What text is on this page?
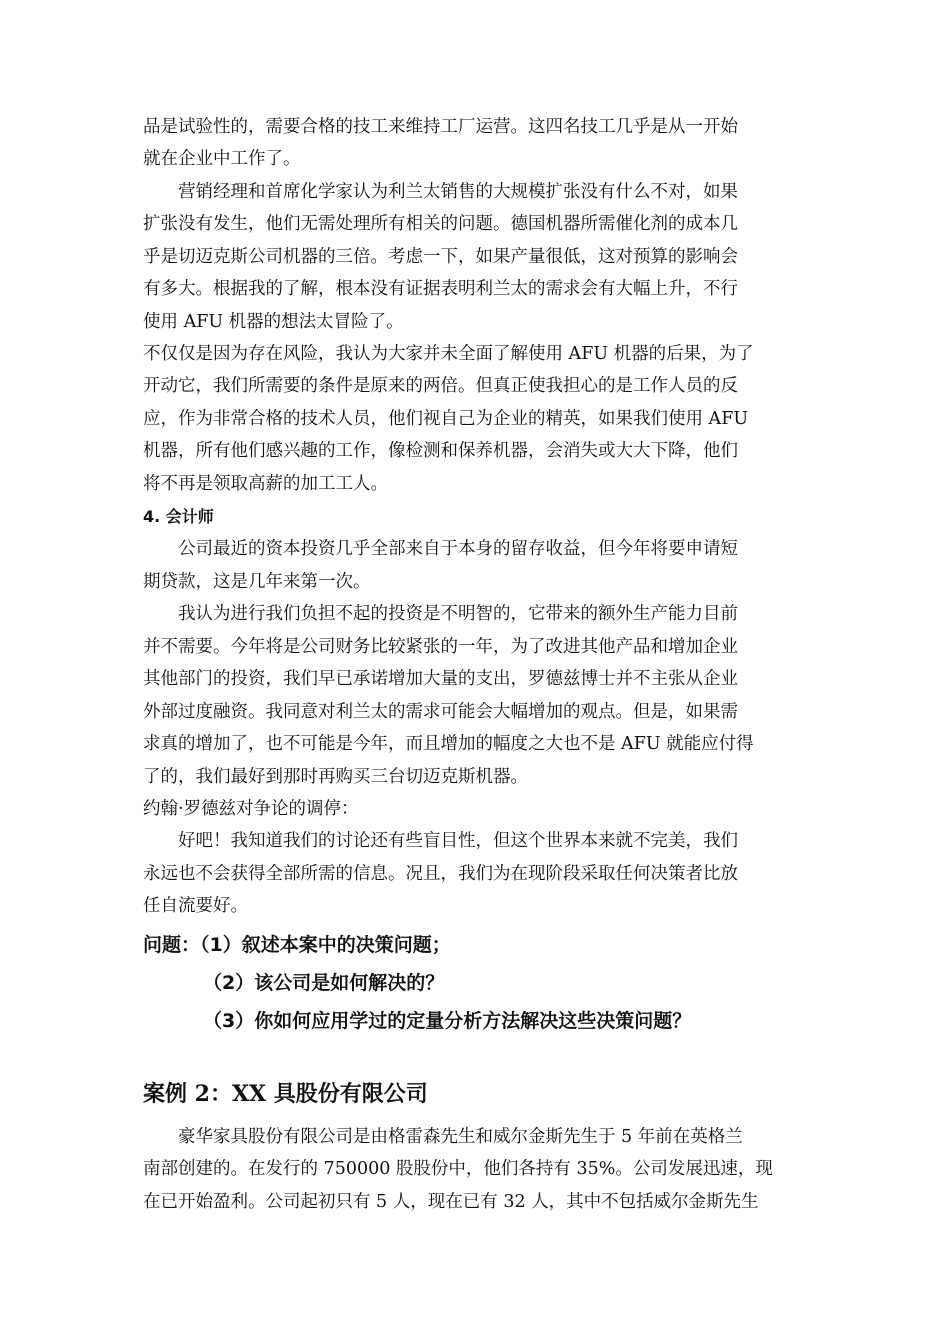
品是试验性的，需要合格的技工来维持工厂运营。这四名技工几乎是从一开始
就在企业中工作了。
营销经理和首席化学家认为利兰太销售的大规模扩张没有什么不对，如果
扩张没有发生，他们无需处理所有相关的问题。德国机器所需催化剂的成本几
乎是切迈克斯公司机器的三倍。考虑一下，如果产量很低，这对预算的影响会
有多大。根据我的了解，根本没有证据表明利兰太的需求会有大幅上升，不行
使用 AFU 机器的想法太冒险了。
不仅仅是因为存在风险，我认为大家并未全面了解使用 AFU 机器的后果，为了
开动它，我们所需要的条件是原来的两倍。但真正使我担心的是工作人员的反
应，作为非常合格的技术人员，他们视自己为企业的精英，如果我们使用 AFU
机器，所有他们感兴趣的工作，像检测和保养机器，会消失或大大下降，他们
将不再是领取高薪的加工工人。
4. 会计师
公司最近的资本投资几乎全部来自于本身的留存收益，但今年将要申请短
期贷款，这是几年来第一次。
我认为进行我们负担不起的投资是不明智的，它带来的额外生产能力目前
并不需要。今年将是公司财务比较紧张的一年，为了改进其他产品和增加企业
其他部门的投资，我们早已承诺增加大量的支出，罗德兹博士并不主张从企业
外部过度融资。我同意对利兰太的需求可能会大幅增加的观点。但是，如果需
求真的增加了，也不可能是今年，而且增加的幅度之大也不是 AFU 就能应付得
了的，我们最好到那时再购买三台切迈克斯机器。
约翰·罗德兹对争论的调停：
好吧！我知道我们的讨论还有些盲目性，但这个世界本来就不完美，我们
永远也不会获得全部所需的信息。况且，我们为在现阶段采取任何决策者比放
任自流要好。
问题：（1）叙述本案中的决策问题；
（2）该公司是如何解决的？
（3）你如何应用学过的定量分析方法解决这些决策问题？
案例 2：XX 具股份有限公司
豪华家具股份有限公司是由格雷森先生和威尔金斯先生于 5 年前在英格兰
南部创建的。在发行的 750000 股股份中，他们各持有 35%。公司发展迅速，现
在已开始盈利。公司起初只有 5 人，现在已有 32 人，其中不包括威尔金斯先生
